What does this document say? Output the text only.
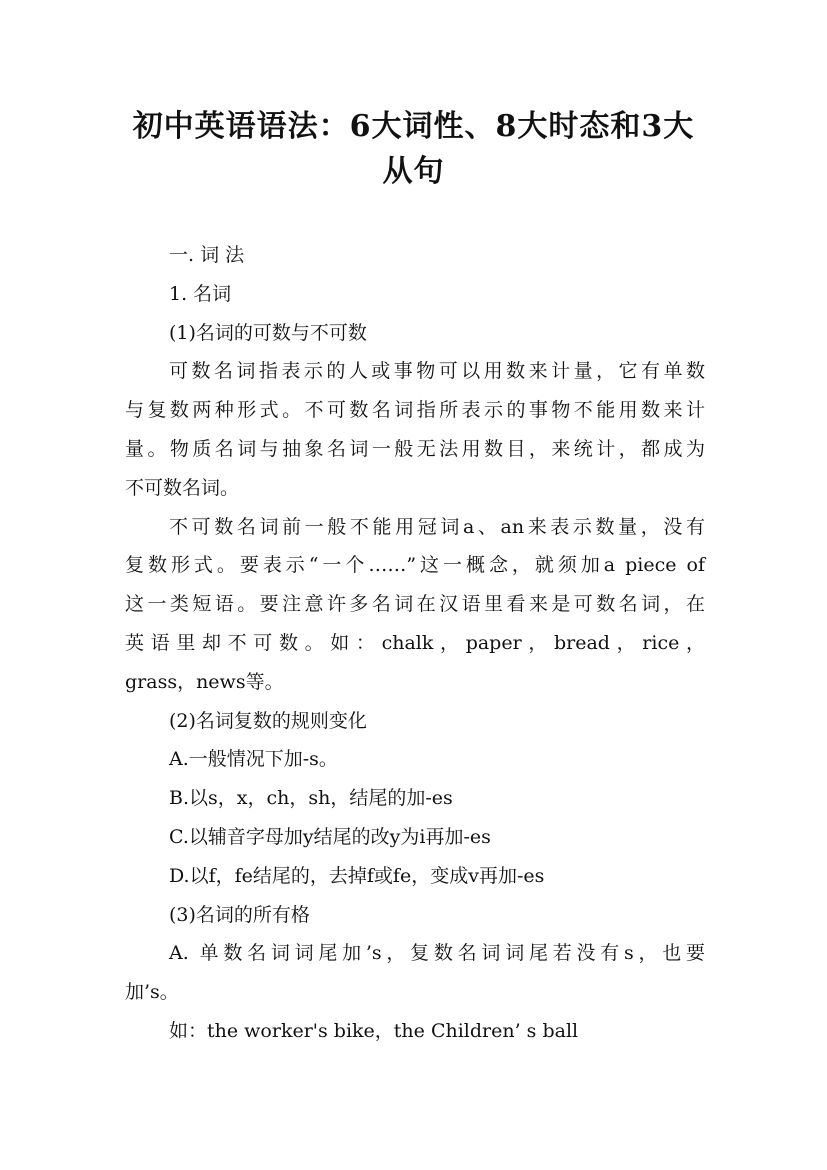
初中英语语法：6大词性、8大时态和3大
从句
一. 词 法
1. 名词
(1)名词的可数与不可数
可数名词指表示的人或事物可以用数来计量，它有单数
与复数两种形式。不可数名词指所表示的事物不能用数来计
量。物质名词与抽象名词一般无法用数目，来统计，都成为
不可数名词。
不可数名词前一般不能用冠词a、an来表示数量，没有
复数形式。要表示“一个……”这一概念，就须加a piece of
这一类短语。要注意许多名词在汉语里看来是可数名词，在
英语里却不可数。如：chalk，paper，bread，rice，
grass，news等。
(2)名词复数的规则变化
A.一般情况下加-s。
B.以s，x，ch，sh，结尾的加-es
C.以辅音字母加y结尾的改y为i再加-es
D.以f，fe结尾的，去掉f或fe，变成v再加-es
(3)名词的所有格
A. 单数名词词尾加’s，复数名词词尾若没有s，也要
加’s。
如：the worker's bike，the Children’ s ball
